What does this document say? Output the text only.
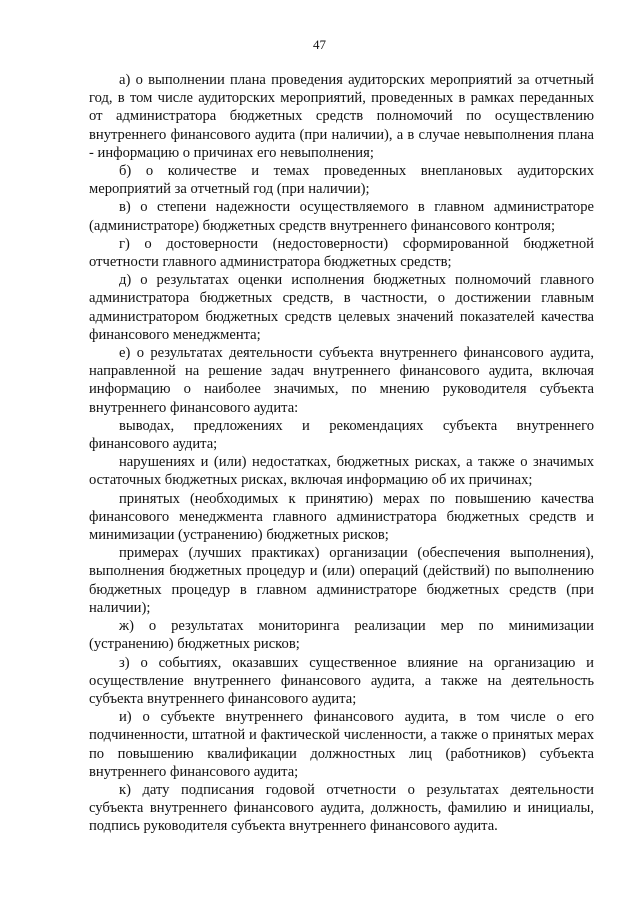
47

а) о выполнении плана проведения аудиторских мероприятий за отчетный год, в том числе аудиторских мероприятий, проведенных в рамках переданных от администратора бюджетных средств полномочий по осуществлению внутреннего финансового аудита (при наличии), а в случае невыполнения плана - информацию о причинах его невыполнения;

б) о количестве и темах проведенных внеплановых аудиторских мероприятий за отчетный год (при наличии);

в) о степени надежности осуществляемого в главном администраторе (администраторе) бюджетных средств внутреннего финансового контроля;

г) о достоверности (недостоверности) сформированной бюджетной отчетности главного администратора бюджетных средств;

д) о результатах оценки исполнения бюджетных полномочий главного администратора бюджетных средств, в частности, о достижении главным администратором бюджетных средств целевых значений показателей качества финансового менеджмента;

е) о результатах деятельности субъекта внутреннего финансового аудита, направленной на решение задач внутреннего финансового аудита, включая информацию о наиболее значимых, по мнению руководителя субъекта внутреннего финансового аудита:

выводах, предложениях и рекомендациях субъекта внутреннего финансового аудита;

нарушениях и (или) недостатках, бюджетных рисках, а также о значимых остаточных бюджетных рисках, включая информацию об их причинах;

принятых (необходимых к принятию) мерах по повышению качества финансового менеджмента главного администратора бюджетных средств и минимизации (устранению) бюджетных рисков;

примерах (лучших практиках) организации (обеспечения выполнения), выполнения бюджетных процедур и (или) операций (действий) по выполнению бюджетных процедур в главном администраторе бюджетных средств (при наличии);

ж) о результатах мониторинга реализации мер по минимизации (устранению) бюджетных рисков;

з) о событиях, оказавших существенное влияние на организацию и осуществление внутреннего финансового аудита, а также на деятельность субъекта внутреннего финансового аудита;

и) о субъекте внутреннего финансового аудита, в том числе о его подчиненности, штатной и фактической численности, а также о принятых мерах по повышению квалификации должностных лиц (работников) субъекта внутреннего финансового аудита;

к) дату подписания годовой отчетности о результатах деятельности субъекта внутреннего финансового аудита, должность, фамилию и инициалы, подпись руководителя субъекта внутреннего финансового аудита.
